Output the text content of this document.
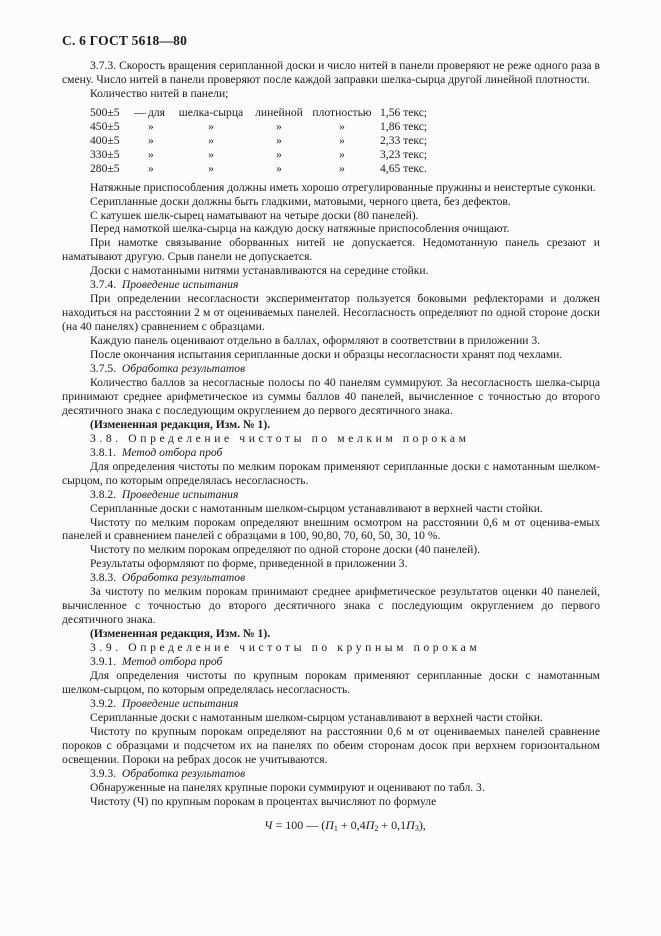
С. 6 ГОСТ 5618—80

3.7.3. Скорость вращения серипланной доски и число нитей в панели проверяют не реже одного раза в смену. Число нитей в панели проверяют после каждой заправки шелка-сырца другой линейной плотности.

Количество нитей в панели;

500±5	—	для	шелка-сырца	линейной	плотностью	1,56 текс;
450±5		»	»	»	»	1,86 текс;
400±5		»	»	»	»	2,33 текс;
330±5		»	»	»	»	3,23 текс;
280±5		»	»	»	»	4,65 текс.

Натяжные приспособления должны иметь хорошо отрегулированные пружины и неистертые суконки.

Серипланные доски должны быть гладкими, матовыми, черного цвета, без дефектов.

С катушек шелк-сырец наматывают на четыре доски (80 панелей).

Перед намоткой шелка-сырца на каждую доску натяжные приспособления очищают.

При намотке связывание оборванных нитей не допускается. Недомотанную панель срезают и наматывают другую. Срыв панели не допускается.

Доски с намотанными нитями устанавливаются на середине стойки.

3.7.4. Проведение испытания

При определении несогласности экспериментатор пользуется боковыми рефлекторами и должен находиться на расстоянии 2 м от оцениваемых панелей. Несогласность определяют по одной стороне доски (на 40 панелях) сравнением с образцами.

Каждую панель оценивают отдельно в баллах, оформляют в соответствии в приложении 3.

После окончания испытания серипланные доски и образцы несогласности хранят под чехлами.

3.7.5. Обработка результатов

Количество баллов за несогласные полосы по 40 панелям суммируют. За несогласность шелка-сырца принимают среднее арифметическое из суммы баллов 40 панелей, вычисленное с точностью до второго десятичного знака с последующим округлением до первого десятичного знака.

(Измененная редакция, Изм. № 1).

3.8. Определение чистоты по мелким порокам

3.8.1. Метод отбора проб

Для определения чистоты по мелким порокам применяют серипланные доски с намотанным шелком-сырцом, по которым определялась несогласность.

3.8.2. Проведение испытания

Серипланные доски с намотанным шелком-сырцом устанавливают в верхней части стойки.

Чистоту по мелким порокам определяют внешним осмотром на расстоянии 0,6 м от оценива-емых панелей и сравнением панелей с образцами в 100, 90,80, 70, 60, 50, 30, 10 %.

Чистоту по мелким порокам определяют по одной стороне доски (40 панелей).

Результаты оформляют по форме, приведенной в приложении 3.

3.8.3. Обработка результатов

За чистоту по мелким порокам принимают среднее арифметическое результатов оценки 40 панелей, вычисленное с точностью до второго десятичного знака с последующим округлением до первого десятичного знака.

(Измененная редакция, Изм. № 1).

3.9. Определение чистоты по крупным порокам

3.9.1. Метод отбора проб

Для определения чистоты по крупным порокам применяют серипланные доски с намотанным шелком-сырцом, по которым определялась несогласность.

3.9.2. Проведение испытания

Серипланные доски с намотанным шелком-сырцом устанавливают в верхней части стойки.

Чистоту по крупным порокам определяют на расстоянии 0,6 м от оцениваемых панелей сравнение пороков с образцами и подсчетом их на панелях по обеим сторонам досок при верхнем горизонтальном освещении. Пороки на ребрах досок не учитываются.

3.9.3. Обработка результатов

Обнаруженные на панелях крупные пороки суммируют и оценивают по табл. 3.

Чистоту (Ч) по крупным порокам в процентах вычисляют по формуле

Ч = 100 — $(П_1 + 0,4П_2 + 0,1П_3)$,
